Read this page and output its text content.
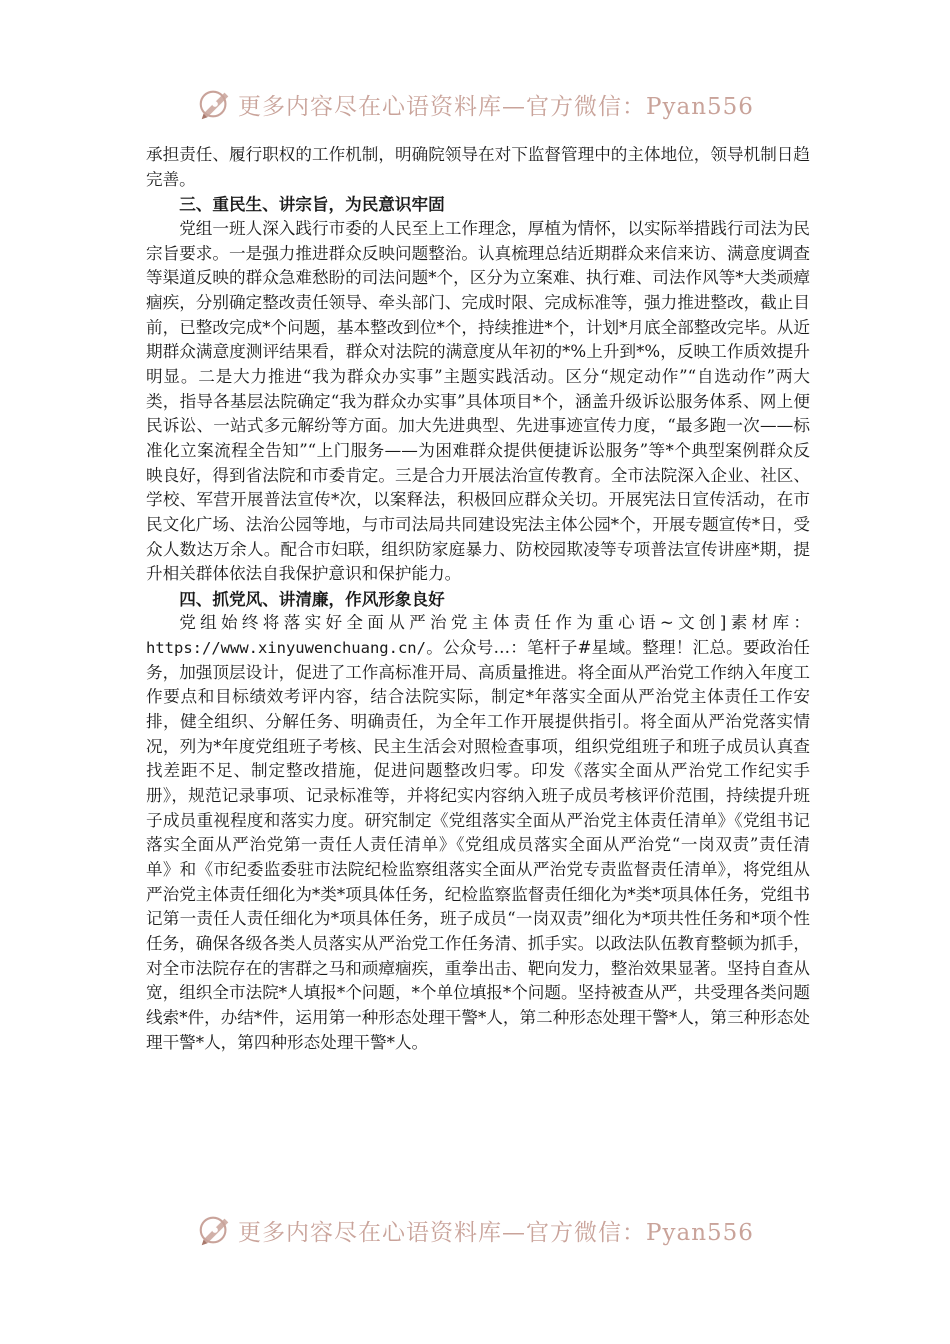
更多内容尽在心语资料库—官方微信：Pyan556

承担责任、履行职权的工作机制，明确院领导在对下监督管理中的主体地位，领导机制日趋完善。

三、重民生、讲宗旨，为民意识牢固

党组一班人深入践行市委的人民至上工作理念，厚植为情怀，以实际举措践行司法为民宗旨要求。一是强力推进群众反映问题整治。认真梳理总结近期群众来信来访、满意度调查等渠道反映的群众急难愁盼的司法问题*个，区分为立案难、执行难、司法作风等*大类顽瘴痼疾，分别确定整改责任领导、牵头部门、完成时限、完成标准等，强力推进整改，截止目前，已整改完成*个问题，基本整改到位*个，持续推进*个，计划*月底全部整改完毕。从近期群众满意度测评结果看，群众对法院的满意度从年初的*%上升到*%，反映工作质效提升明显。二是大力推进“我为群众办实事”主题实践活动。区分“规定动作”“自选动作”两大类，指导各基层法院确定“我为群众办实事”具体项目*个，涵盖升级诉讼服务体系、网上便民诉讼、一站式多元解纷等方面。加大先进典型、先进事迹宣传力度，“最多跑一次——标准化立案流程全告知”“上门服务——为困难群众提供便捷诉讼服务”等*个典型案例群众反映良好，得到省法院和市委肯定。三是合力开展法治宣传教育。全市法院深入企业、社区、学校、军营开展普法宣传*次，以案释法，积极回应群众关切。开展宪法日宣传活动，在市民文化广场、法治公园等地，与市司法局共同建设宪法主体公园*个，开展专题宣传*日，受众人数达万余人。配合市妇联，组织防家庭暴力、防校园欺凌等专项普法宣传讲座*期，提升相关群体依法自我保护意识和保护能力。

四、抓党风、讲清廉，作风形象良好

党组始终将落实好全面从严治党主体责任作为重心语~文创]素材库：https://www.xinyuwenchuang.cn/。公众号…：笔杆子#星域。整理！汇总。要政治任务，加强顶层设计，促进了工作高标准开局、高质量推进。将全面从严治党工作纳入年度工作要点和目标绩效考评内容，结合法院实际，制定*年落实全面从严治党主体责任工作安排，健全组织、分解任务、明确责任，为全年工作开展提供指引。将全面从严治党落实情况，列为*年度党组班子考核、民主生活会对照检查事项，组织党组班子和班子成员认真查找差距不足、制定整改措施，促进问题整改归零。印发《落实全面从严治党工作纪实手册》，规范记录事项、记录标准等，并将纪实内容纳入班子成员考核评价范围，持续提升班子成员重视程度和落实力度。研究制定《党组落实全面从严治党主体责任清单》《党组书记落实全面从严治党第一责任人责任清单》《党组成员落实全面从严治党“一岗双责”责任清单》和《市纪委监委驻市法院纪检监察组落实全面从严治党专责监督责任清单》，将党组从严治党主体责任细化为*类*项具体任务，纪检监察监督责任细化为*类*项具体任务，党组书记第一责任人责任细化为*项具体任务，班子成员“一岗双责”细化为*项共性任务和*项个性任务，确保各级各类人员落实从严治党工作任务清、抓手实。以政法队伍教育整顿为抓手，对全市法院存在的害群之马和顽瘴痼疾，重拳出击、靶向发力，整治效果显著。坚持自查从宽，组织全市法院*人填报*个问题，*个单位填报*个问题。坚持被查从严，共受理各类问题线索*件，办结*件，运用第一种形态处理干警*人，第二种形态处理干警*人，第三种形态处理干警*人，第四种形态处理干警*人。

更多内容尽在心语资料库—官方微信：Pyan556
